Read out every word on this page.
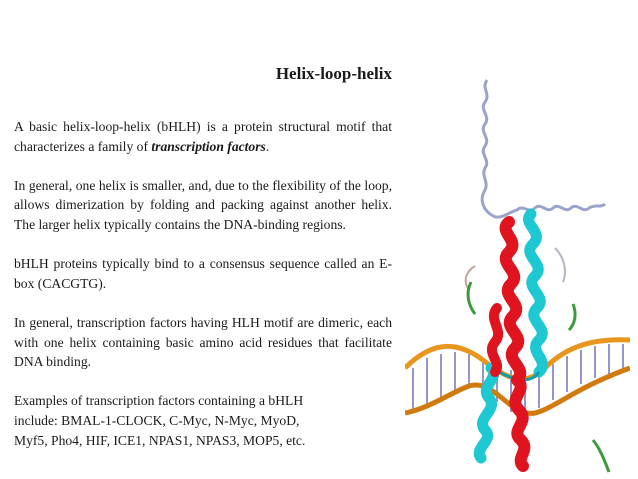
Helix-loop-helix

A basic helix-loop-helix (bHLH) is a protein structural motif that characterizes a family of transcription factors.

In general, one helix is smaller, and, due to the flexibility of the loop, allows dimerization by folding and packing against another helix. The larger helix typically contains the DNA-binding regions.

bHLH proteins typically bind to a consensus sequence called an E-box (CACGTG).

In general, transcription factors having HLH motif are dimeric, each with one helix containing basic amino acid residues that facilitate DNA binding.

Examples of transcription factors containing a bHLH
include: BMAL-1-CLOCK, C-Myc, N-Myc, MyoD,
Myf5, Pho4, HIF, ICE1, NPAS1, NPAS3, MOP5, etc.
